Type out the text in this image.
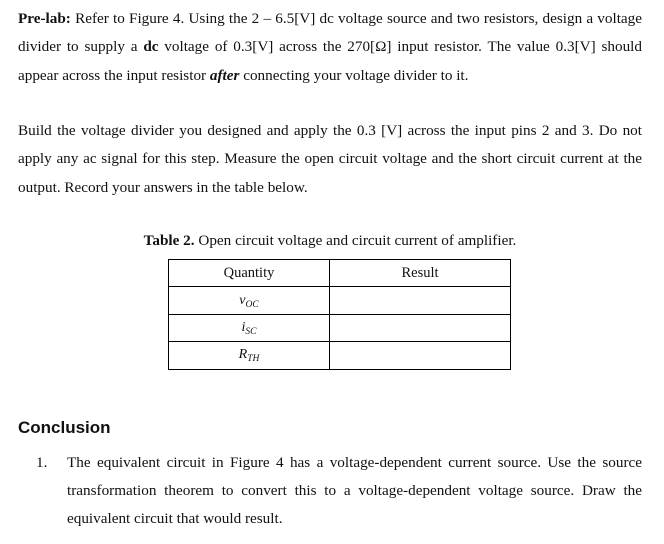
Pre-lab: Refer to Figure 4. Using the 2 – 6.5[V] dc voltage source and two resistors, design a voltage divider to supply a dc voltage of 0.3[V] across the 270[Ω] input resistor. The value 0.3[V] should appear across the input resistor after connecting your voltage divider to it.
Build the voltage divider you designed and apply the 0.3 [V] across the input pins 2 and 3. Do not apply any ac signal for this step. Measure the open circuit voltage and the short circuit current at the output. Record your answers in the table below.
Table 2. Open circuit voltage and circuit current of amplifier.
Quantity	Result
$v_{OC}$	
$i_{SC}$	
$R_{TH}$	
Conclusion
1. The equivalent circuit in Figure 4 has a voltage-dependent current source. Use the source transformation theorem to convert this to a voltage-dependent voltage source. Draw the equivalent circuit that would result.
